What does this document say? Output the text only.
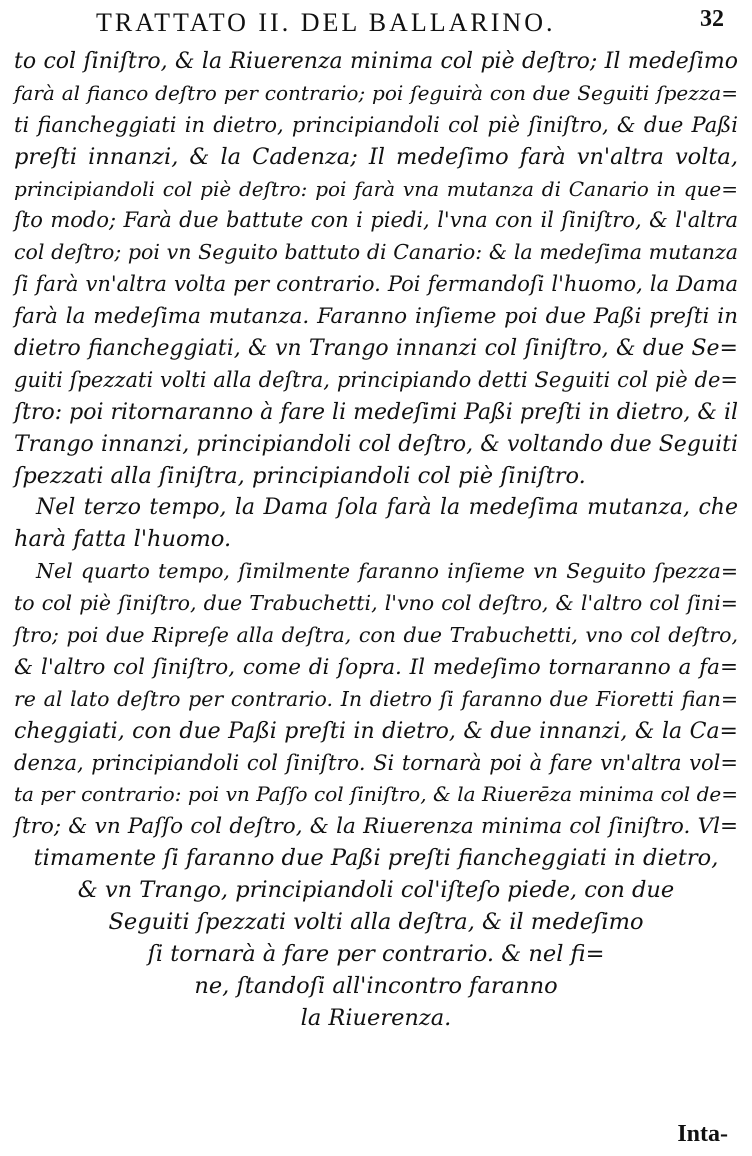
TRATTATO II. DEL BALLARINO.	32
to col ſiniſtro, & la Riuerenza minima col piè deſtro; Il medeſimo
farà al fianco deſtro per contrario; poi ſeguirà con due Seguiti ſpezza=
ti fiancheggiati in dietro, principiandoli col piè ſiniſtro, & due Paßi
preſti innanzi, & la Cadenza; Il medeſimo farà vn'altra volta,
principiandoli col piè deſtro: poi farà vna mutanza di Canario in que=
ſto modo; Farà due battute con i piedi, l'vna con il ſiniſtro, & l'altra
col deſtro; poi vn Seguito battuto di Canario: & la medeſima mutanza
ſi farà vn'altra volta per contrario. Poi fermandoſi l'huomo, la Dama
farà la medeſima mutanza. Faranno inſieme poi due Paßi preſti in
dietro fiancheggiati, & vn Trango innanzi col ſiniſtro, & due Se=
guiti ſpezzati volti alla deſtra, principiando detti Seguiti col piè de=
ſtro: poi ritornaranno à fare li medeſimi Paßi preſti in dietro, & il
Trango innanzi, principiandoli col deſtro, & voltando due Seguiti
ſpezzati alla ſiniſtra, principiandoli col piè ſiniſtro.
Nel terzo tempo, la Dama ſola farà la medeſima mutanza, che
harà fatta l'huomo.
Nel quarto tempo, ſimilmente faranno inſieme vn Seguito ſpezza=
to col piè ſiniſtro, due Trabuchetti, l'vno col deſtro, & l'altro col ſini=
ſtro; poi due Ripreſe alla deſtra, con due Trabuchetti, vno col deſtro,
& l'altro col ſiniſtro, come di ſopra. Il medeſimo tornaranno a fa=
re al lato deſtro per contrario. In dietro ſi faranno due Fioretti fian=
cheggiati, con due Paßi preſti in dietro, & due innanzi, & la Ca=
denza, principiandoli col ſiniſtro. Si tornarà poi à fare vn'altra vol=
ta per contrario: poi vn Paſſo col ſiniſtro, & la Riuerēza minima col de=
ſtro; & vn Paſſo col deſtro, & la Riuerenza minima col ſiniſtro. Vl=
timamente ſi faranno due Paßi preſti fiancheggiati in dietro,
& vn Trango, principiandoli col'iſteſo piede, con due
Seguiti ſpezzati volti alla deſtra, & il medeſimo
ſi tornarà à fare per contrario. & nel fi=
ne, ſtandoſi all'incontro faranno
la Riuerenza.
Inta-
